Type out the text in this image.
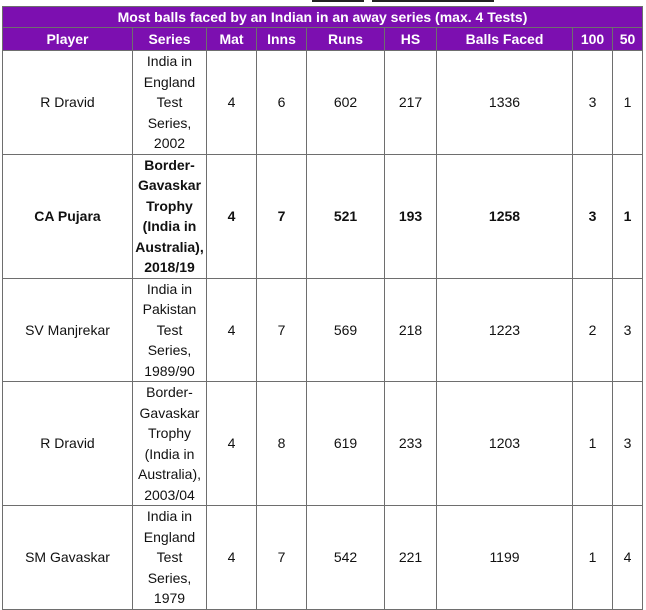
Most balls faced by an Indian in an away series (max. 4 Tests)								
Player	Series	Mat	Inns	Runs	HS	Balls Faced	100	50
R Dravid	India in England Test Series, 2002	4	6	602	217	1336	3	1
CA Pujara	Border-Gavaskar Trophy (India in Australia), 2018/19	4	7	521	193	1258	3	1
SV Manjrekar	India in Pakistan Test Series, 1989/90	4	7	569	218	1223	2	3
R Dravid	Border-Gavaskar Trophy (India in Australia), 2003/04	4	8	619	233	1203	1	3
SM Gavaskar	India in England Test Series, 1979	4	7	542	221	1199	1	4
